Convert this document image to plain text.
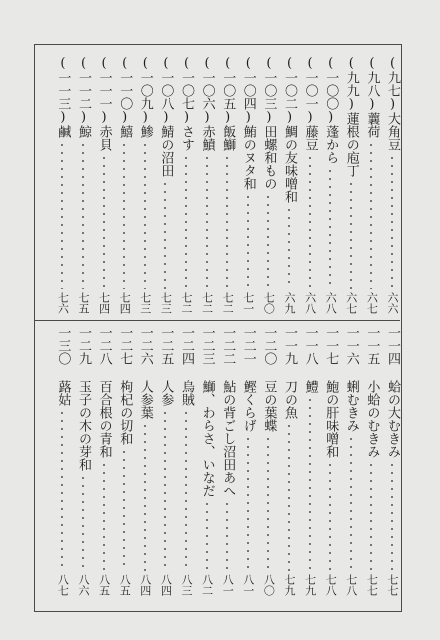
(九七)大角豆
六六
(九八)蘘荷
六七
(九九)蓮根の庖丁
六七
(一〇〇)蓬から
六八
(一〇一)藤豆
六八
(一〇二)鯛の友味噌和
六九
(一〇三)田螺和もの
七〇
(一〇四)鮪のヌタ和
七一
(一〇五)飯鰤
七二
(一〇六)赤鱝
七二
(一〇七)さす
七二
(一〇八)鯖の沼田
七三
(一〇九)鯵
七三
(一一〇)鱚
七四
(一一一)赤貝
七四
(一一二)鯨
七五
(一一三)鹹
七六
一一四 蛤の大むきみ
七七
一一五 小蛤のむきみ
七七
一一六 蜊むきみ
七八
一一七 鮑の肝味噌和
七八
一一八 鱧
七九
一一九 刀の魚
七九
一二〇 豆の葉蝶
八〇
一二一 鰹くらげ
八一
一二二 鮎の背ごし沼田あへ
八一
一二三 鰤、わらさ、いなだ
八二
一二四 烏賊
八三
一二五 人参
八四
一二六 人参葉
八四
一二七 枸杞の切和
八五
一二八 百合根の青和
八五
一二九 玉子の木の芽和
八六
一三〇 蕗姑
八七
